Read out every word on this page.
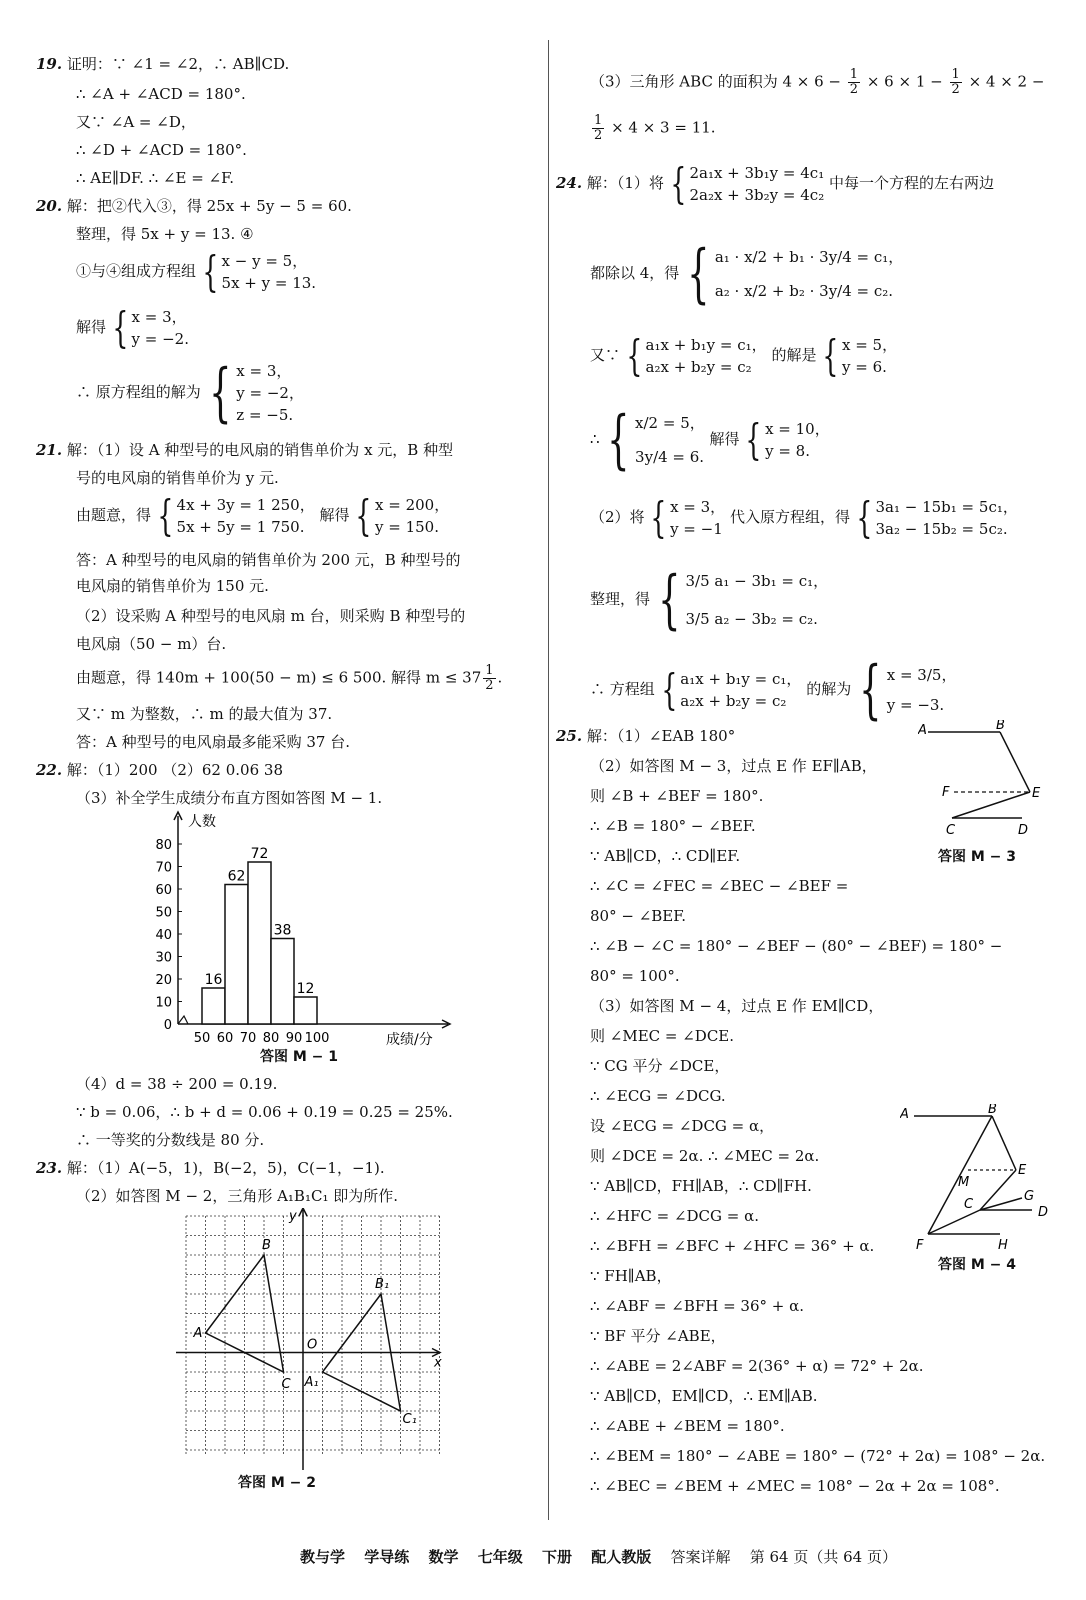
19. 证明：∵ ∠1 = ∠2，∴ AB∥CD.
∴ ∠A + ∠ACD = 180°.
又∵ ∠A = ∠D，
∴ ∠D + ∠ACD = 180°.
∴ AE∥DF. ∴ ∠E = ∠F.
20. 解：把②代入③，得 25x + 5y − 5 = 60.
整理，得 5x + y = 13. ④
①与④组成方程组 { x − y = 5，
5x + y = 13.
解得 { x = 3，
y = −2.
∴ 原方程组的解为 { x = 3，
y = −2，
z = −5.
21. 解：（1）设 A 种型号的电风扇的销售单价为 x 元，B 种型
号的电风扇的销售单价为 y 元.
由题意，得 { 4x + 3y = 1 250，
5x + 5y = 1 750.
解得 { x = 200，
y = 150.
答：A 种型号的电风扇的销售单价为 200 元，B 种型号的
电风扇的销售单价为 150 元.
（2）设采购 A 种型号的电风扇 m 台，则采购 B 种型号的
电风扇（50 − m）台.
由题意，得 140m + 100(50 − m) ≤ 6 500. 解得 $m \le 37 \frac{1}{2}$ .
又∵ m 为整数，∴ m 的最大值为 37.
答：A 种型号的电风扇最多能采购 37 台.
22. 解：（1）200 （2）62 0.06 38
（3）补全学生成绩分布直方图如答图 M − 1.
人数
成绩/分
0
10
20
30
40
50
60
70
80
50 60 70 80 90 100
16
62
72
38
12
答图 M − 1
（4）d = 38 ÷ 200 = 0.19.
∵ b = 0.06，∴ b + d = 0.06 + 0.19 = 0.25 = 25%.
∴ 一等奖的分数线是 80 分.
23. 解：（1）A(−5，1)，B(−2，5)，C(−1，−1).
（2）如答图 M − 2，三角形 A₁B₁C₁ 即为所作.
A
B
C A₁
B₁
C₁
O
x
y
答图 M − 2
（3）三角形 ABC 的面积为 $4 \times 6 - \frac{1}{2} \times 6 \times 1 - \frac{1}{2} \times 4 \times 2$ −
$\frac{1}{2} \times 4 \times 3 = 11$.
24. 解：（1）将 { 2a₁x + 3b₁y = 4c₁
2a₂x + 3b₂y = 4c₂
中每一个方程的左右两边
都除以 4，得 { a₁ · x/2 + b₁ · 3y/4 = c₁，
a₂ · x/2 + b₂ · 3y/4 = c₂.
又∵ { a₁x + b₁y = c₁，
a₂x + b₂y = c₂
的解是 { x = 5，
y = 6.
∴ { x/2 = 5，
3y/4 = 6.
解得 { x = 10，
y = 8.
（2）将 { x = 3，
y = −1
代入原方程组，得 { 3a₁ − 15b₁ = 5c₁，
3a₂ − 15b₂ = 5c₂.
整理，得 { 3/5 a₁ − 3b₁ = c₁，
3/5 a₂ − 3b₂ = c₂.
∴ 方程组 { a₁x + b₁y = c₁，
a₂x + b₂y = c₂
的解为 { x = 3/5，
y = −3.
25. 解：（1）∠EAB 180°
（2）如答图 M − 3，过点 E 作 EF∥AB，
则 ∠B + ∠BEF = 180°.
∴ ∠B = 180° − ∠BEF.
∵ AB∥CD，∴ CD∥EF.
∴ ∠C = ∠FEC = ∠BEC − ∠BEF =
80° − ∠BEF.
∴ ∠B − ∠C = 180° − ∠BEF − (80° − ∠BEF) = 180° −
80° = 100°.
（3）如答图 M − 4，过点 E 作 EM∥CD，
则 ∠MEC = ∠DCE.
∵ CG 平分 ∠DCE，
∴ ∠ECG = ∠DCG.
设 ∠ECG = ∠DCG = α，
则 ∠DCE = 2α. ∴ ∠MEC = 2α.
∵ AB∥CD，FH∥AB，∴ CD∥FH.
∴ ∠HFC = ∠DCG = α.
∴ ∠BFH = ∠BFC + ∠HFC = 36° + α.
∵ FH∥AB，
∴ ∠ABF = ∠BFH = 36° + α.
∵ BF 平分 ∠ABE，
∴ ∠ABE = 2∠ABF = 2(36° + α) = 72° + 2α.
∵ AB∥CD，EM∥CD，∴ EM∥AB.
∴ ∠ABE + ∠BEM = 180°.
∴ ∠BEM = 180° − ∠ABE = 180° − (72° + 2α) = 108° − 2α.
∴ ∠BEC = ∠BEM + ∠MEC = 108° − 2α + 2α = 108°.
A	B
F	E
C	D
答图 M − 3
A	B
M
E
G
C
D
F	H
答图 M − 4
教与学 学导练 数学 七年级 下册 配人教版 答案详解 第 64 页（共 64 页）
